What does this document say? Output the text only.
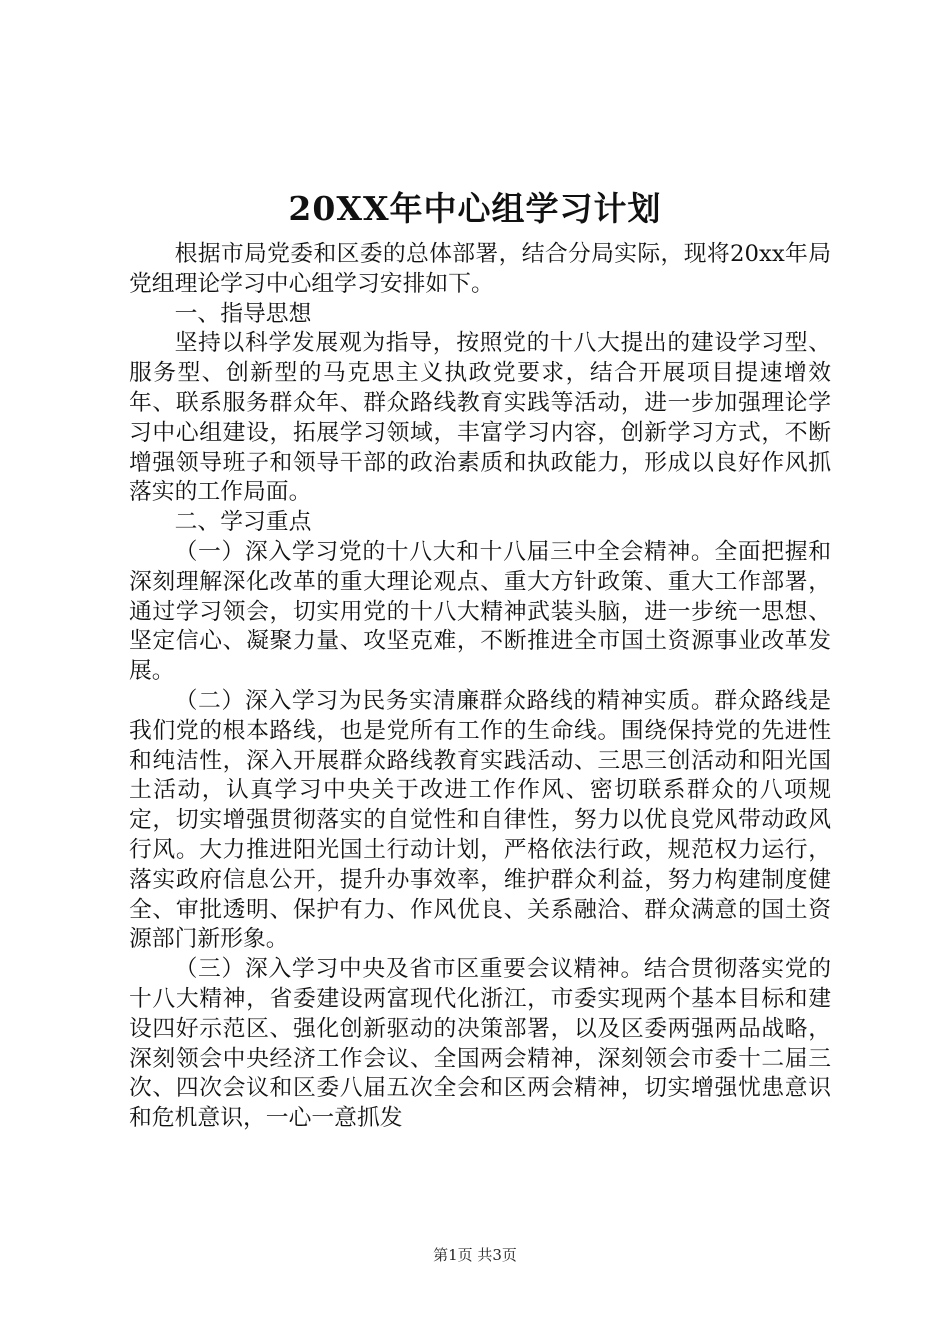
20XX年中心组学习计划

根据市局党委和区委的总体部署，结合分局实际，现将20xx年局党组理论学习中心组学习安排如下。

一、指导思想

坚持以科学发展观为指导，按照党的十八大提出的建设学习型、服务型、创新型的马克思主义执政党要求，结合开展项目提速增效年、联系服务群众年、群众路线教育实践等活动，进一步加强理论学习中心组建设，拓展学习领域，丰富学习内容，创新学习方式，不断增强领导班子和领导干部的政治素质和执政能力，形成以良好作风抓落实的工作局面。

二、学习重点

（一）深入学习党的十八大和十八届三中全会精神。全面把握和深刻理解深化改革的重大理论观点、重大方针政策、重大工作部署，通过学习领会，切实用党的十八大精神武装头脑，进一步统一思想、坚定信心、凝聚力量、攻坚克难，不断推进全市国土资源事业改革发展。

（二）深入学习为民务实清廉群众路线的精神实质。群众路线是我们党的根本路线，也是党所有工作的生命线。围绕保持党的先进性和纯洁性，深入开展群众路线教育实践活动、三思三创活动和阳光国土活动，认真学习中央关于改进工作作风、密切联系群众的八项规定，切实增强贯彻落实的自觉性和自律性，努力以优良党风带动政风行风。大力推进阳光国土行动计划，严格依法行政，规范权力运行，落实政府信息公开，提升办事效率，维护群众利益，努力构建制度健全、审批透明、保护有力、作风优良、关系融洽、群众满意的国土资源部门新形象。

（三）深入学习中央及省市区重要会议精神。结合贯彻落实党的十八大精神，省委建设两富现代化浙江，市委实现两个基本目标和建设四好示范区、强化创新驱动的决策部署，以及区委两强两品战略，深刻领会中央经济工作会议、全国两会精神，深刻领会市委十二届三次、四次会议和区委八届五次全会和区两会精神，切实增强忧患意识和危机意识，一心一意抓发

第1页 共3页
